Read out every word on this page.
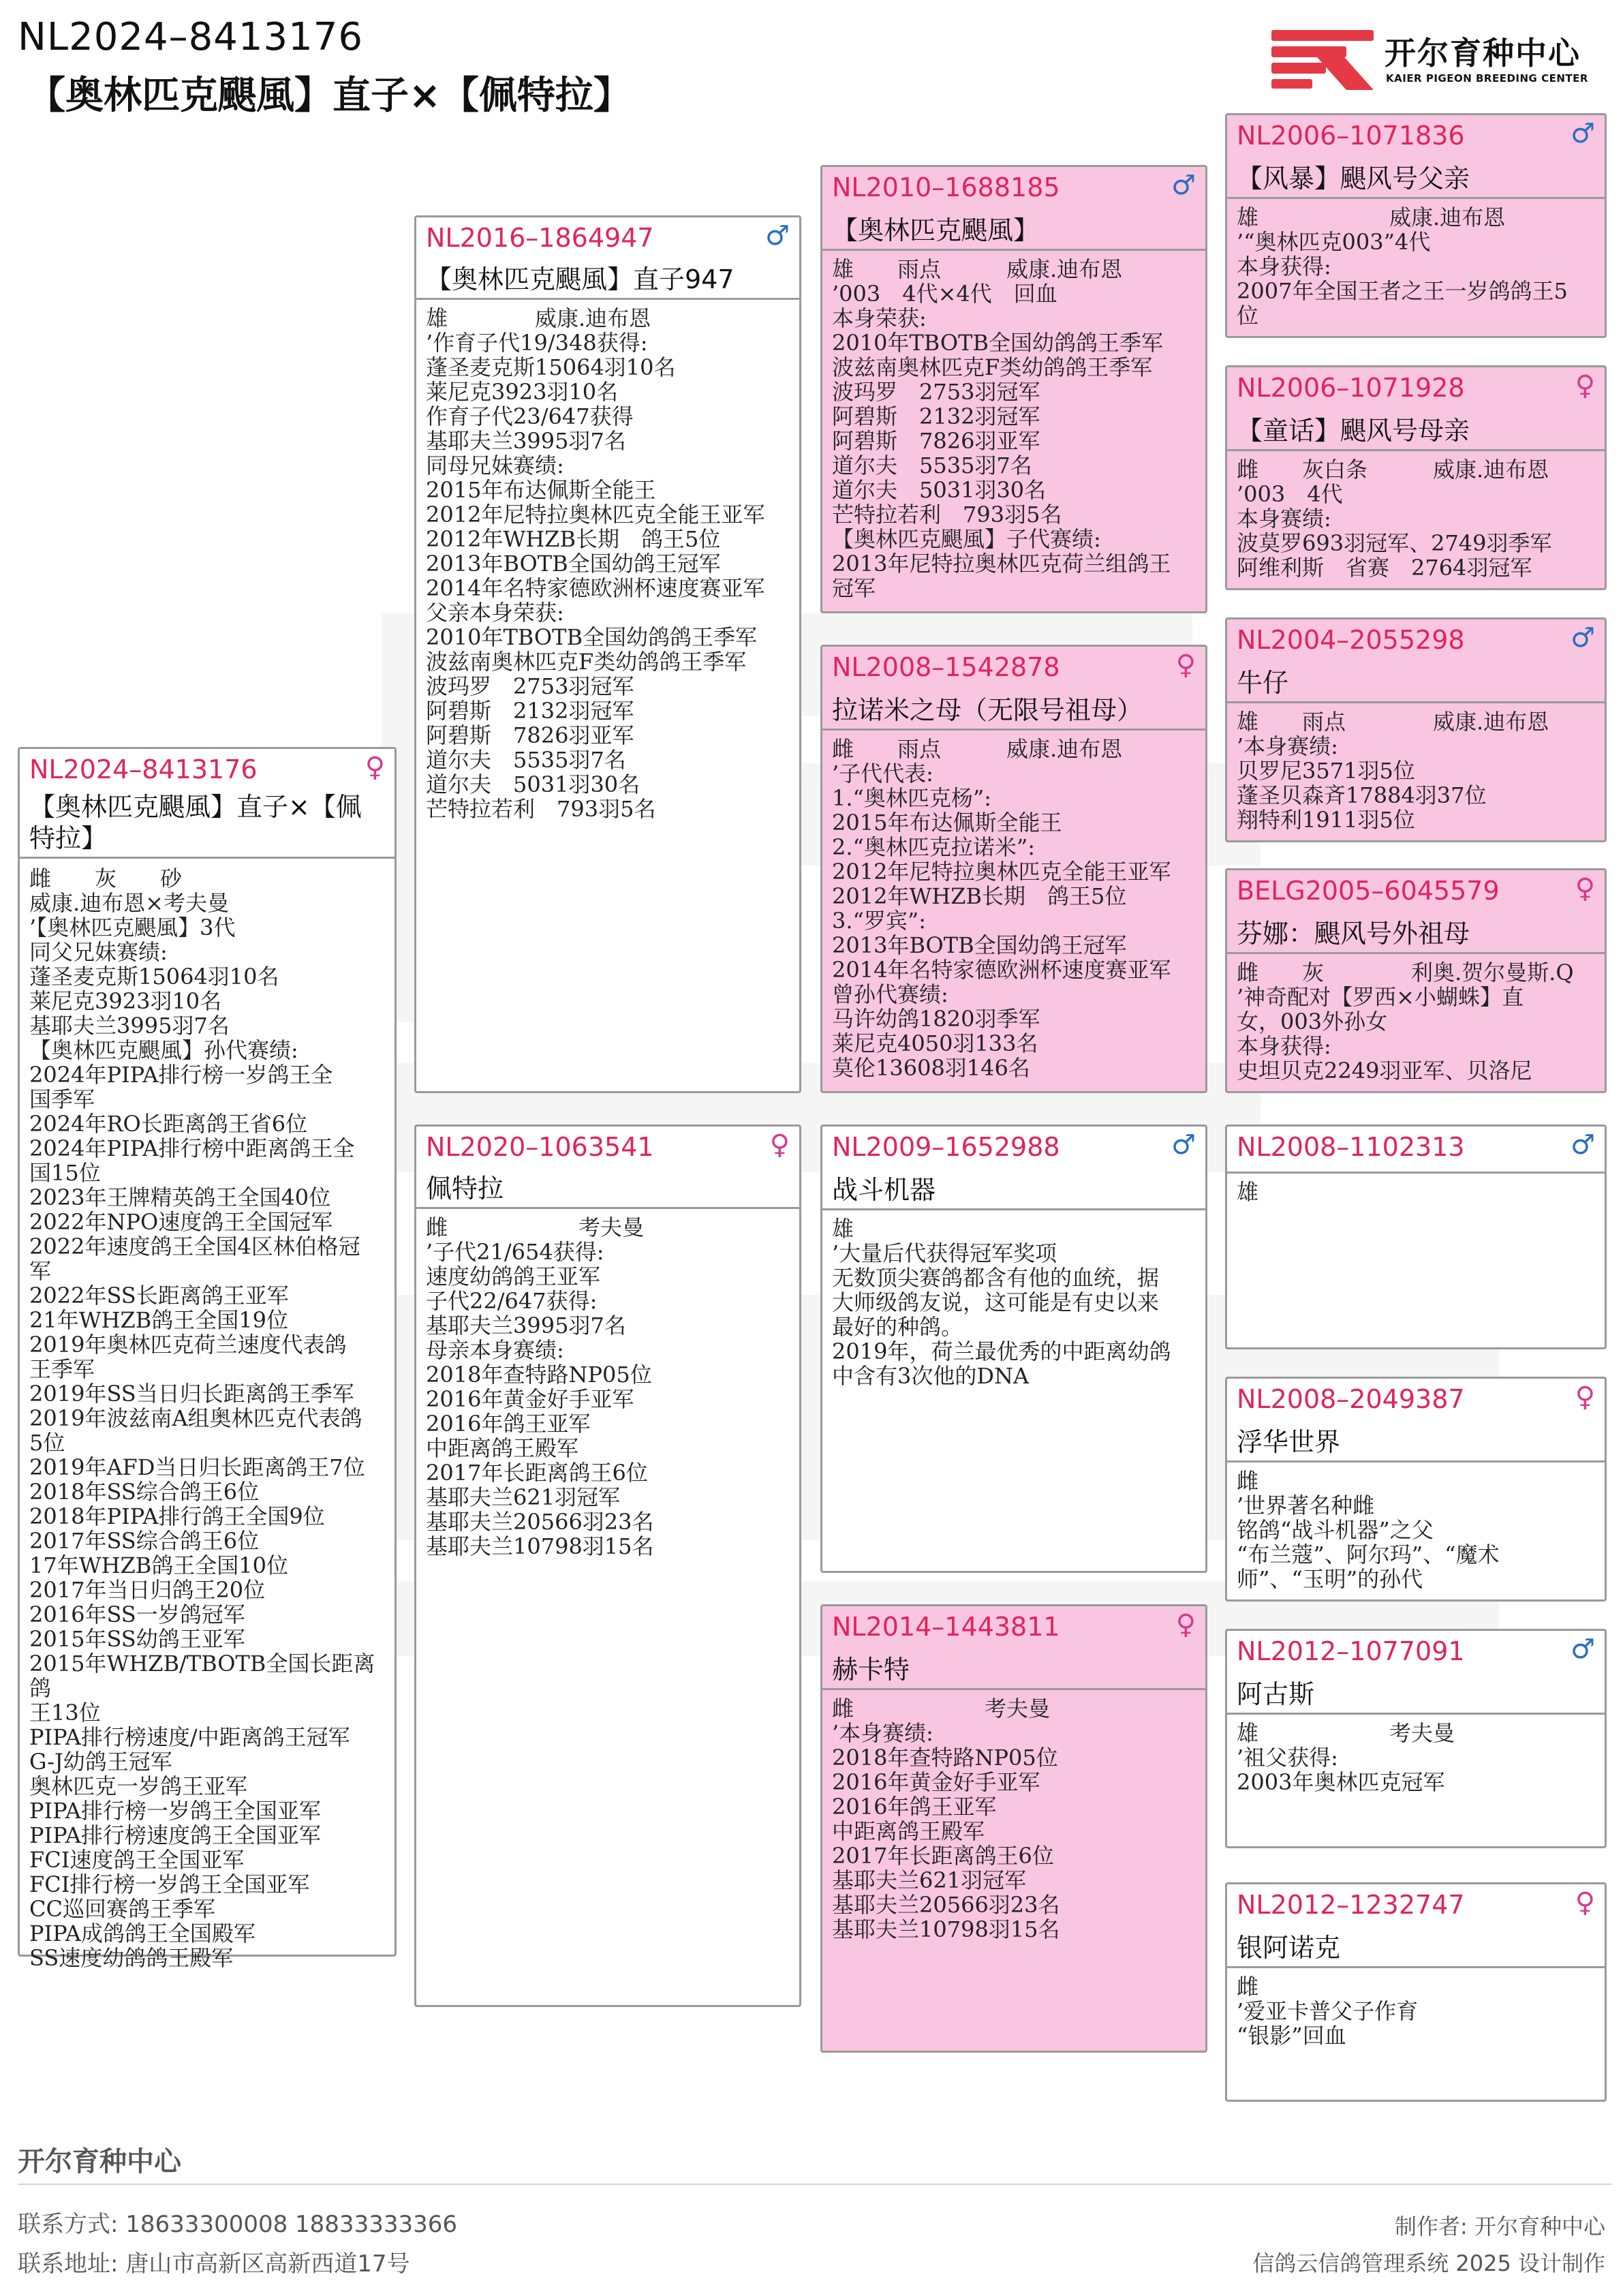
NL2024–8413176
【奥林匹克颶風】直子×【佩特拉】
开尔育种中心
KAIER PIGEON BREEDING CENTER
NL2024–8413176	♀
【奥林匹克颶風】直子×【佩
特拉】
雌　　灰　　砂
威康.迪布恩×考夫曼
’【奥林匹克颶風】3代
同父兄妹赛绩:
蓬圣麦克斯15064羽10名
莱尼克3923羽10名
基耶夫兰3995羽7名
【奥林匹克颶風】孙代赛绩:
2024年PIPA排行榜一岁鸽王全
国季军
2024年RO长距离鸽王省6位
2024年PIPA排行榜中距离鸽王全
国15位
2023年王牌精英鸽王全国40位
2022年NPO速度鸽王全国冠军
2022年速度鸽王全国4区林伯格冠
军
2022年SS长距离鸽王亚军
21年WHZB鸽王全国19位
2019年奥林匹克荷兰速度代表鸽
王季军
2019年SS当日归长距离鸽王季军
2019年波兹南A组奥林匹克代表鸽
5位
2019年AFD当日归长距离鸽王7位
2018年SS综合鸽王6位
2018年PIPA排行鸽王全国9位
2017年SS综合鸽王6位
17年WHZB鸽王全国10位
2017年当日归鸽王20位
2016年SS一岁鸽冠军
2015年SS幼鸽王亚军
2015年WHZB/TBOTB全国长距离鸽
王13位
PIPA排行榜速度/中距离鸽王冠军
G-J幼鸽王冠军
奥林匹克一岁鸽王亚军
PIPA排行榜一岁鸽王全国亚军
PIPA排行榜速度鸽王全国亚军
FCI速度鸽王全国亚军
FCI排行榜一岁鸽王全国亚军
CC巡回赛鸽王季军
PIPA成鸽鸽王全国殿军
SS速度幼鸽鸽王殿军
NL2016–1864947	♂
【奥林匹克颶風】直子947
雄　　　　威康.迪布恩
’作育子代19/348获得:
蓬圣麦克斯15064羽10名
莱尼克3923羽10名
作育子代23/647获得
基耶夫兰3995羽7名
同母兄妹赛绩:
2015年布达佩斯全能王
2012年尼特拉奥林匹克全能王亚军
2012年WHZB长期　鸽王5位
2013年BOTB全国幼鸽王冠军
2014年名特家德欧洲杯速度赛亚军
父亲本身荣获:
2010年TBOTB全国幼鸽鸽王季军
波兹南奥林匹克F类幼鸽鸽王季军
波玛罗　2753羽冠军
阿碧斯　2132羽冠军
阿碧斯　7826羽亚军
道尔夫　5535羽7名
道尔夫　5031羽30名
芒特拉若利　793羽5名
NL2020–1063541	♀
佩特拉
雌　　　　　　考夫曼
’子代21/654获得:
速度幼鸽鸽王亚军
子代22/647获得:
基耶夫兰3995羽7名
母亲本身赛绩:
2018年查特路NP05位
2016年黄金好手亚军
2016年鸽王亚军
中距离鸽王殿军
2017年长距离鸽王6位
基耶夫兰621羽冠军
基耶夫兰20566羽23名
基耶夫兰10798羽15名
NL2010–1688185	♂
【奥林匹克颶風】
雄　　雨点　　　威康.迪布恩
’003　4代×4代　回血
本身荣获:
2010年TBOTB全国幼鸽鸽王季军
波兹南奥林匹克F类幼鸽鸽王季军
波玛罗　2753羽冠军
阿碧斯　2132羽冠军
阿碧斯　7826羽亚军
道尔夫　5535羽7名
道尔夫　5031羽30名
芒特拉若利　793羽5名
【奥林匹克颶風】子代赛绩:
2013年尼特拉奥林匹克荷兰组鸽王
冠军
NL2008–1542878	♀
拉诺米之母（无限号祖母）
雌　　雨点　　　威康.迪布恩
’子代代表:
1.“奥林匹克杨”:
2015年布达佩斯全能王
2.“奥林匹克拉诺米”:
2012年尼特拉奥林匹克全能王亚军
2012年WHZB长期　鸽王5位
3.“罗宾”:
2013年BOTB全国幼鸽王冠军
2014年名特家德欧洲杯速度赛亚军
曾孙代赛绩:
马许幼鸽1820羽季军
莱尼克4050羽133名
莫伦13608羽146名
NL2009–1652988	♂
战斗机器
雄
’大量后代获得冠军奖项
无数顶尖赛鸽都含有他的血统，据
大师级鸽友说，这可能是有史以来
最好的种鸽。
2019年，荷兰最优秀的中距离幼鸽
中含有3次他的DNA
NL2014–1443811	♀
赫卡特
雌　　　　　　考夫曼
’本身赛绩:
2018年查特路NP05位
2016年黄金好手亚军
2016年鸽王亚军
中距离鸽王殿军
2017年长距离鸽王6位
基耶夫兰621羽冠军
基耶夫兰20566羽23名
基耶夫兰10798羽15名
NL2006–1071836	♂
【风暴】颶风号父亲
雄　　　　　　威康.迪布恩
’“奥林匹克003”4代
本身获得:
2007年全国王者之王一岁鸽鸽王5
位
NL2006–1071928	♀
【童话】颶风号母亲
雌　　灰白条　　　威康.迪布恩
’003　4代
本身赛绩:
波莫罗693羽冠军、2749羽季军
阿维利斯　省赛　2764羽冠军
NL2004–2055298	♂
牛仔
雄　　雨点　　　　威康.迪布恩
’本身赛绩:
贝罗尼3571羽5位
蓬圣贝森斉17884羽37位
翔特利1911羽5位
BELG2005–6045579	♀
芬娜：颶风号外祖母
雌　　灰　　　　利奥.贺尔曼斯.Q
’神奇配对【罗西×小蝴蛛】直
女，003外孙女
本身获得:
史坦贝克2249羽亚军、贝洛尼
NL2008–1102313	♂
雄
NL2008–2049387	♀
浮华世界
雌
’世界著名种雌
铭鸽“战斗机器”之父
“布兰蔻”、阿尔玛”、“魔术
师”、“玉明”的孙代
NL2012–1077091	♂
阿古斯
雄　　　　　　考夫曼
’祖父获得:
2003年奥林匹克冠军
NL2012–1232747	♀
银阿诺克
雌
’爱亚卡普父子作育
“银影”回血
开尔育种中心
联系方式: 18633300008 18833333366
联系地址: 唐山市高新区高新西道17号
制作者: 开尔育种中心
信鸽云信鸽管理系统 2025 设计制作
